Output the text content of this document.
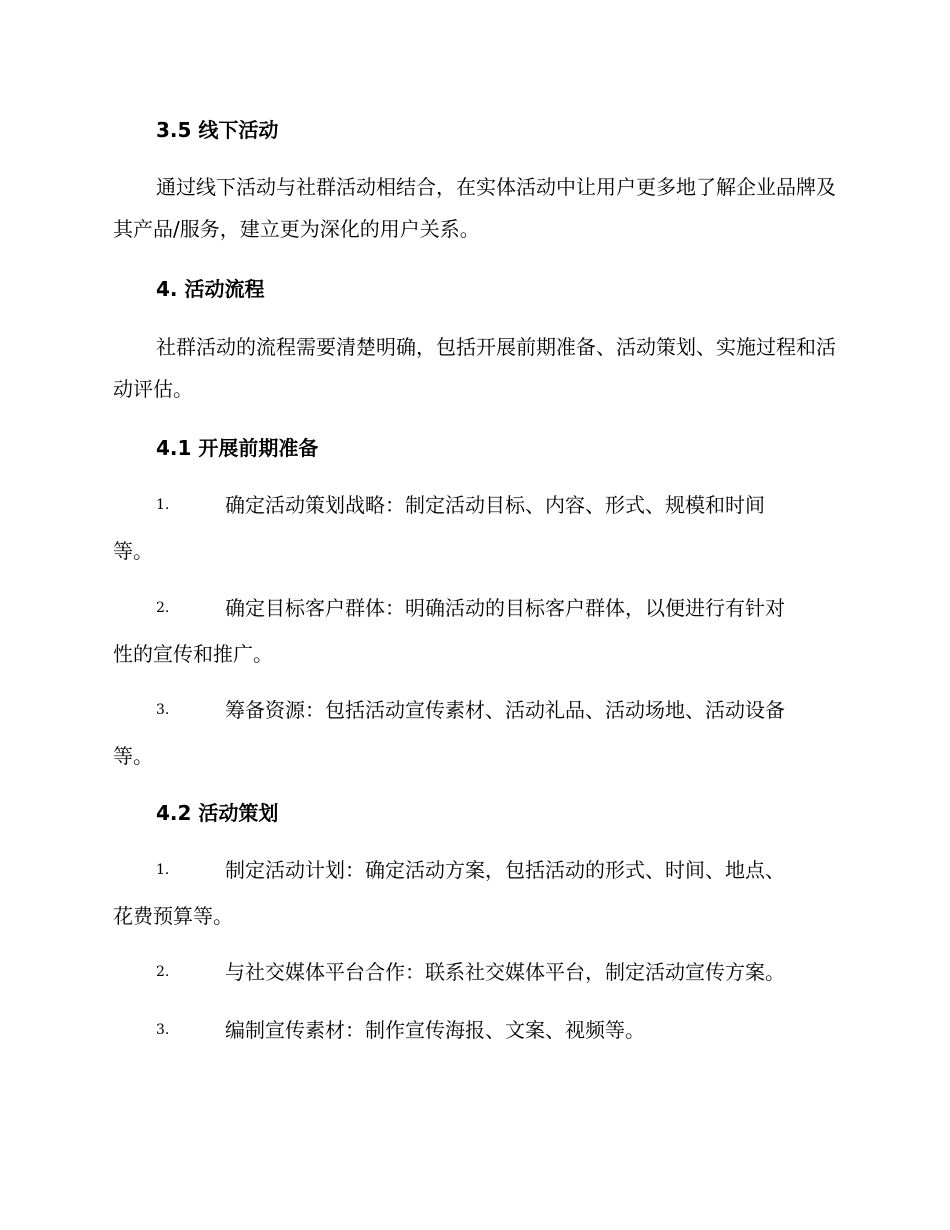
3.5 线下活动
通过线下活动与社群活动相结合，在实体活动中让用户更多地了解企业品牌及其产品/服务，建立更为深化的用户关系。
4. 活动流程
社群活动的流程需要清楚明确，包括开展前期准备、活动策划、实施过程和活动评估。
4.1 开展前期准备
1.	确定活动策划战略：制定活动目标、内容、形式、规模和时间
等。
2.	确定目标客户群体：明确活动的目标客户群体，以便进行有针对
性的宣传和推广。
3.	筹备资源：包括活动宣传素材、活动礼品、活动场地、活动设备
等。
4.2 活动策划
1.	制定活动计划：确定活动方案，包括活动的形式、时间、地点、
花费预算等。
2.	与社交媒体平台合作：联系社交媒体平台，制定活动宣传方案。
3.	编制宣传素材：制作宣传海报、文案、视频等。
